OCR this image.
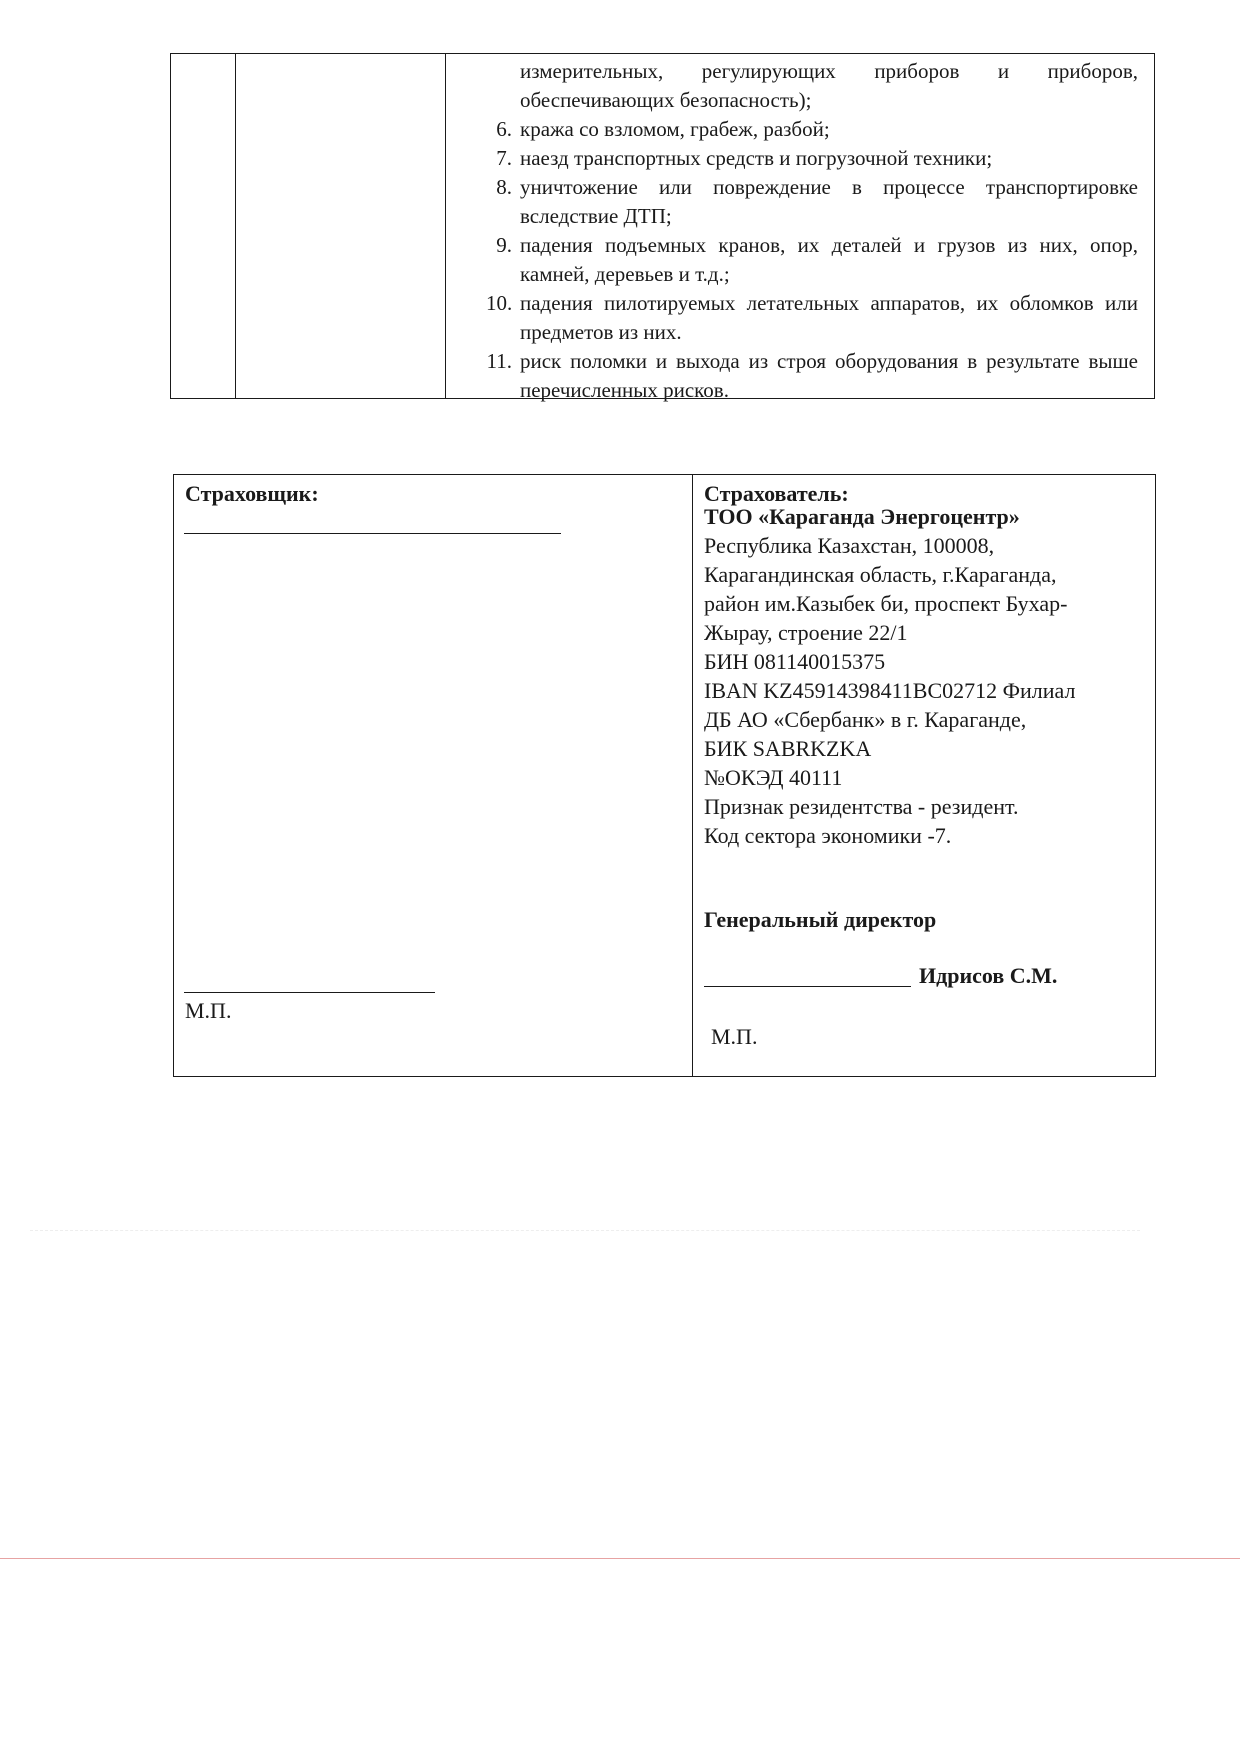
измерительных, регулирующих приборов и приборов, обеспечивающих безопасность);
6. кража со взломом, грабеж, разбой;
7. наезд транспортных средств и погрузочной техники;
8. уничтожение или повреждение в процессе транспортировке вследствие ДТП;
9. падения подъемных кранов, их деталей и грузов из них, опор, камней, деревьев и т.д.;
10. падения пилотируемых летательных аппаратов, их обломков или предметов из них.
11. риск поломки и выхода из строя оборудования в результате выше перечисленных рисков.
Страховщик:
М.П.
Страхователь:
ТОО «Караганда Энергоцентр»
Республика Казахстан, 100008,
Карагандинская область, г.Караганда,
район им.Казыбек би, проспект Бухар-
Жырау, строение 22/1
БИН 081140015375
IBAN KZ45914398411BC02712 Филиал
ДБ АО «Сбербанк» в г. Караганде,
БИК SABRKZKA
№ОКЭД 40111
Признак резидентства - резидент.
Код сектора экономики -7.
Генеральный директор
Идрисов С.М.
М.П.
